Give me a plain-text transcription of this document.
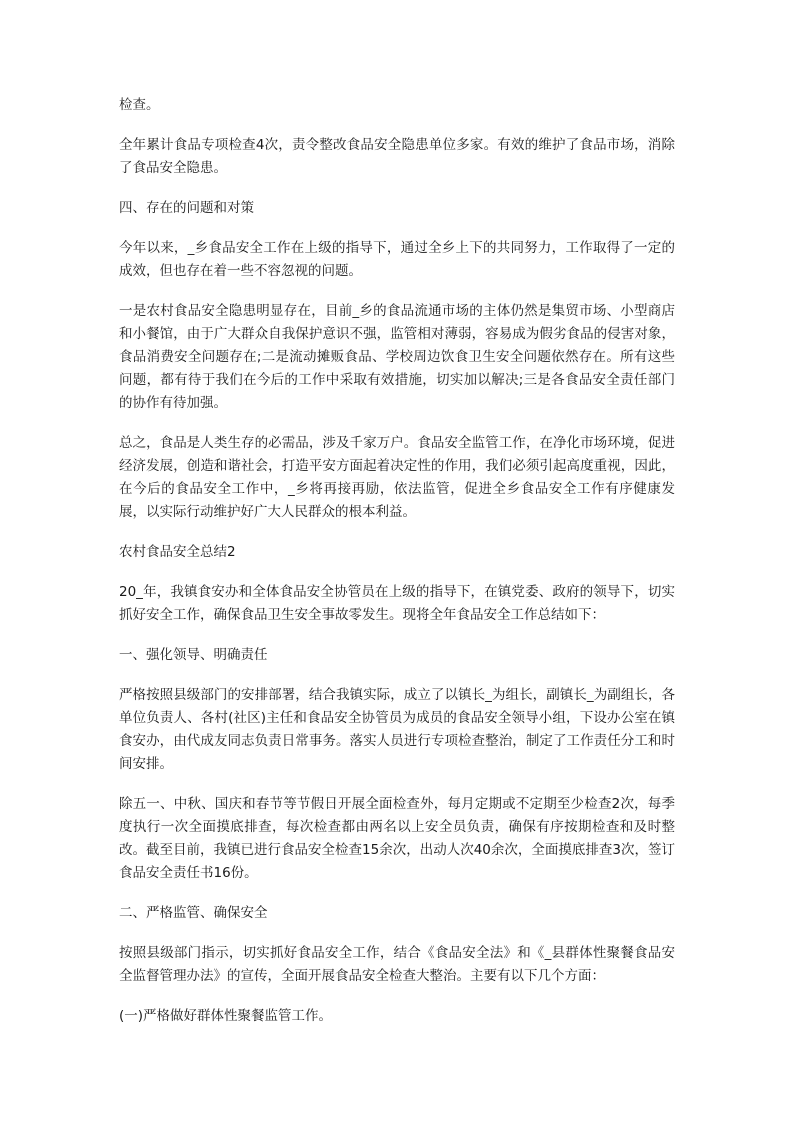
检查。

全年累计食品专项检查4次，责令整改食品安全隐患单位多家。有效的维护了食品市场，消除了食品安全隐患。

四、存在的问题和对策

今年以来，_乡食品安全工作在上级的指导下，通过全乡上下的共同努力，工作取得了一定的成效，但也存在着一些不容忽视的问题。

一是农村食品安全隐患明显存在，目前_乡的食品流通市场的主体仍然是集贸市场、小型商店和小餐馆，由于广大群众自我保护意识不强，监管相对薄弱，容易成为假劣食品的侵害对象，食品消费安全问题存在;二是流动摊贩食品、学校周边饮食卫生安全问题依然存在。所有这些问题，都有待于我们在今后的工作中采取有效措施，切实加以解决;三是各食品安全责任部门的协作有待加强。

总之，食品是人类生存的必需品，涉及千家万户。食品安全监管工作，在净化市场环境，促进经济发展，创造和谐社会，打造平安方面起着决定性的作用，我们必须引起高度重视，因此，在今后的食品安全工作中，_乡将再接再励，依法监管，促进全乡食品安全工作有序健康发展，以实际行动维护好广大人民群众的根本利益。

农村食品安全总结2

20_年，我镇食安办和全体食品安全协管员在上级的指导下，在镇党委、政府的领导下，切实抓好安全工作，确保食品卫生安全事故零发生。现将全年食品安全工作总结如下：

一、强化领导、明确责任

严格按照县级部门的安排部署，结合我镇实际，成立了以镇长_为组长，副镇长_为副组长，各单位负责人、各村(社区)主任和食品安全协管员为成员的食品安全领导小组，下设办公室在镇食安办，由代成友同志负责日常事务。落实人员进行专项检查整治，制定了工作责任分工和时间安排。

除五一、中秋、国庆和春节等节假日开展全面检查外，每月定期或不定期至少检查2次，每季度执行一次全面摸底排查，每次检查都由两名以上安全员负责，确保有序按期检查和及时整改。截至目前，我镇已进行食品安全检查15余次，出动人次40余次，全面摸底排查3次，签订食品安全责任书16份。

二、严格监管、确保安全

按照县级部门指示，切实抓好食品安全工作，结合《食品安全法》和《_县群体性聚餐食品安全监督管理办法》的宣传，全面开展食品安全检查大整治。主要有以下几个方面：

(一)严格做好群体性聚餐监管工作。
